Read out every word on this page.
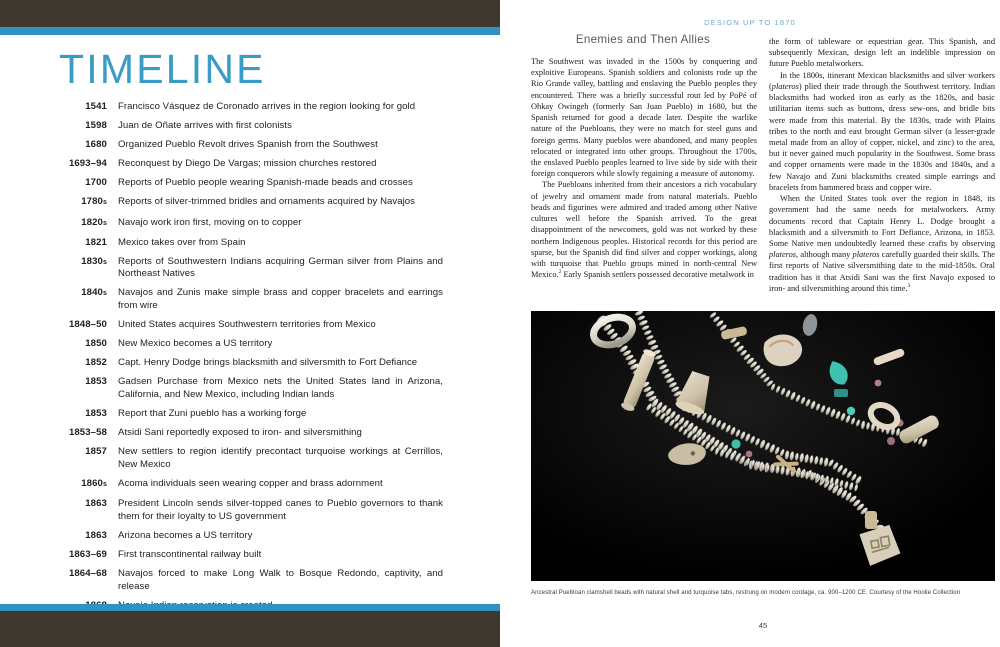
TIMELINE
1541 Francisco Vásquez de Coronado arrives in the region looking for gold
1598 Juan de Oñate arrives with first colonists
1680 Organized Pueblo Revolt drives Spanish from the Southwest
1693–94 Reconquest by Diego De Vargas; mission churches restored
1700 Reports of Pueblo people wearing Spanish-made beads and crosses
1780s Reports of silver-trimmed bridles and ornaments acquired by Navajos
1820s Navajo work iron first, moving on to copper
1821 Mexico takes over from Spain
1830s Reports of Southwestern Indians acquiring German silver from Plains and Northeast Natives
1840s Navajos and Zunis make simple brass and copper bracelets and earrings from wire
1848–50 United States acquires Southwestern territories from Mexico
1850 New Mexico becomes a US territory
1852 Capt. Henry Dodge brings blacksmith and silversmith to Fort Defiance
1853 Gadsen Purchase from Mexico nets the United States land in Arizona, California, and New Mexico, including Indian lands
1853 Report that Zuni pueblo has a working forge
1853–58 Atsidi Sani reportedly exposed to iron- and silversmithing
1857 New settlers to region identify precontact turquoise workings at Cerrillos, New Mexico
1860s Acoma individuals seen wearing copper and brass adornment
1863 President Lincoln sends silver-topped canes to Pueblo governors to thank them for their loyalty to US government
1863 Arizona becomes a US territory
1863–69 First transcontinental railway built
1864–68 Navajos forced to make Long Walk to Bosque Redondo, captivity, and release
DESIGN UP TO 1870
Enemies and Then Allies

The Southwest was invaded in the 1500s by conquering and exploitive Europeans. Spanish soldiers and colonists rode up the Rio Grande valley, battling and enslaving the Pueblo peoples they encountered. There was a briefly successful rout led by PoPé of Ohkay Owingeh (formerly San Juan Pueblo) in 1680, but the Spanish returned for good a decade later. Despite the warlike nature of the Puebloans, they were no match for steel guns and foreign germs. Many pueblos were abandoned, and many peoples relocated or integrated into other groups. Throughout the 1700s, the enslaved Pueblo peoples learned to live side by side with their foreign conquerors while slowly regaining a measure of autonomy.

The Puebloans inherited from their ancestors a rich vocabulary of jewelry and ornament made from natural materials. Pueblo beads and figurines were admired and traded among other Native cultures well before the Spanish arrived. To the great disappointment of the newcomers, gold was not worked by these northern Indigenous peoples. Historical records for this period are sparse, but the Spanish did find silver and copper workings, along with turquoise that Pueblo groups mined in north-central New Mexico.$^2$ Early Spanish settlers possessed decorative metalwork in

the form of tableware or equestrian gear. This Spanish, and subsequently Mexican, design left an indelible impression on future Pueblo metalworkers.

In the 1800s, itinerant Mexican blacksmiths and silver workers (plateros) plied their trade through the Southwest territory. Indian blacksmiths had worked iron as early as the 1820s, and basic utilitarian items such as buttons, dress sew-ons, and bridle bits were made from this material. By the 1830s, trade with Plains tribes to the north and east brought German silver (a lesser-grade metal made from an alloy of copper, nickel, and zinc) to the area, but it never gained much popularity in the Southwest. Some brass and copper ornaments were made in the 1830s and 1840s, and a few Navajo and Zuni blacksmiths created simple earrings and bracelets from hammered brass and copper wire.

When the United States took over the region in 1848, its government had the same needs for metalworkers. Army documents record that Captain Henry L. Dodge brought a blacksmith and a silversmith to Fort Defiance, Arizona, in 1853. Some Native men undoubtedly learned these crafts by observing plateros, although many plateros carefully guarded their skills. The first reports of Native silversmithing date to the mid-1850s. Oral tradition has it that Atsidi Sani was the first Navajo exposed to iron- and silversmithing around this time.$^3$

Ancestral Puebloan clamshell beads with natural shell and turquoise tabs, restrung on modern cordage, ca. 900–1200 CE. Courtesy of the Hoolie Collection
45
